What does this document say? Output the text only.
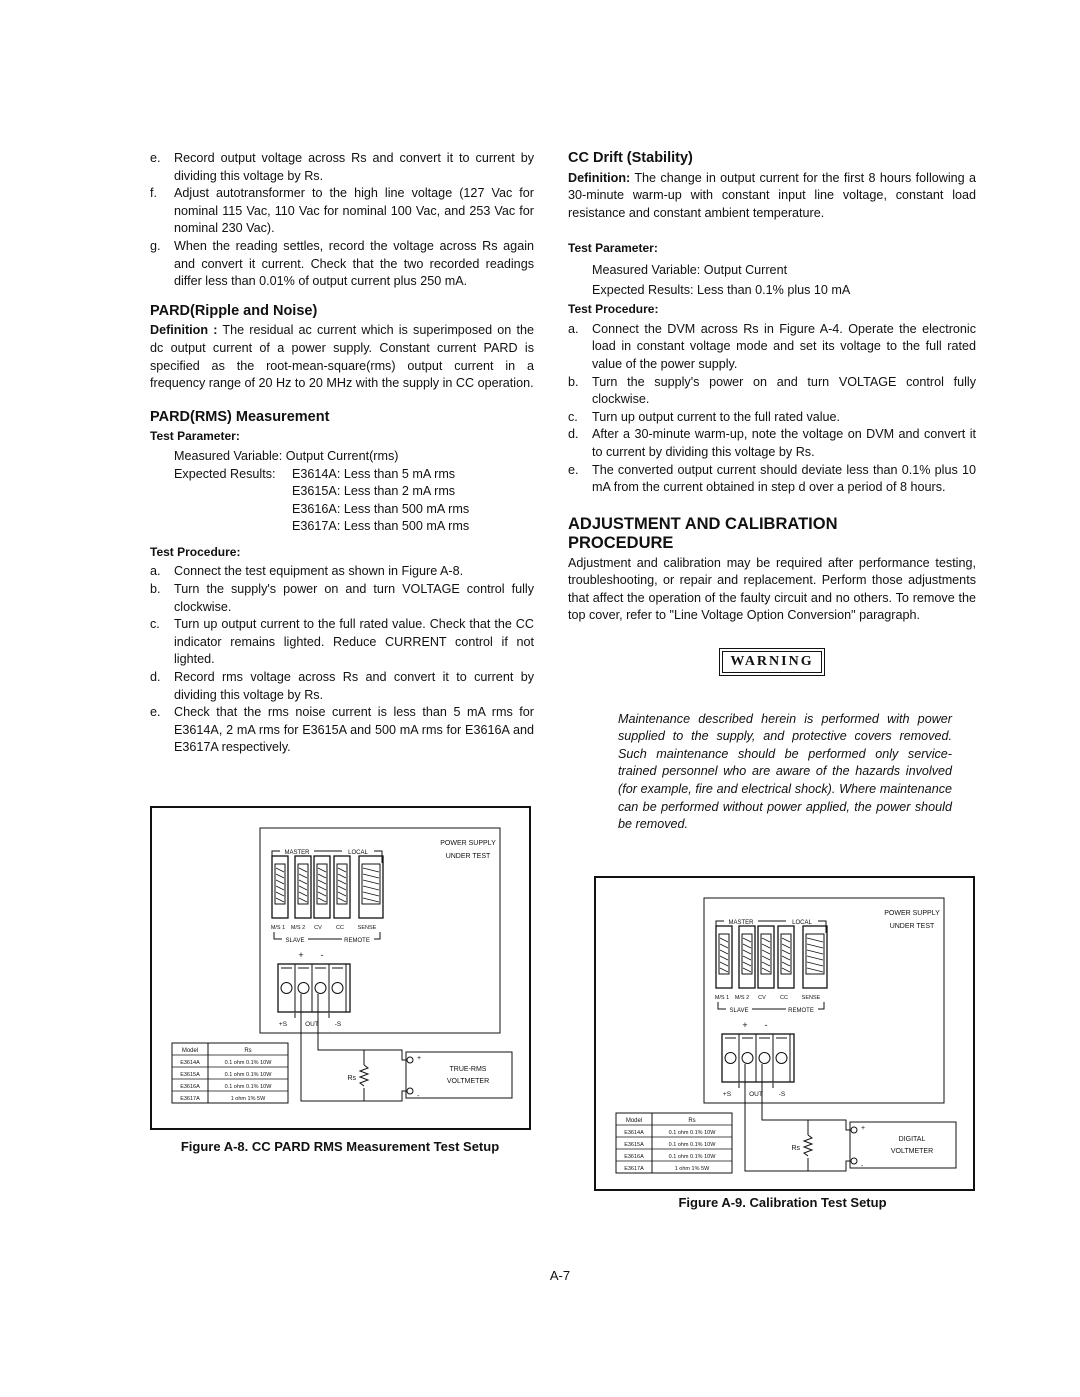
e. Record output voltage across Rs and convert it to current by dividing this voltage by Rs.

f. Adjust autotransformer to the high line voltage (127 Vac for nominal 115 Vac, 110 Vac for nominal 100 Vac, and 253 Vac for nominal 230 Vac).

g. When the reading settles, record the voltage across Rs again and convert it current. Check that the two recorded readings differ less than 0.01% of output current plus 250 mA.

PARD(Ripple and Noise)

Definition : The residual ac current which is superimposed on the dc output current of a power supply. Constant current PARD is specified as the root-mean-square(rms) output current in a frequency range of 20 Hz to 20 MHz with the supply in CC operation.

PARD(RMS) Measurement
Test Parameter:

Measured Variable: Output Current(rms)

Expected Results:	E3614A: Less than 5 mA rms
E3615A: Less than 2 mA rms
E3616A: Less than 500 mA rms
E3617A: Less than 500 mA rms
Test Procedure:

a. Connect the test equipment as shown in Figure A-8.

b. Turn the supply's power on and turn VOLTAGE control fully clockwise.

c. Turn up output current to the full rated value. Check that the CC indicator remains lighted. Reduce CURRENT control if not lighted.

d. Record rms voltage across Rs and convert it to current by dividing this voltage by Rs.

e. Check that the rms noise current is less than 5 mA rms for E3614A, 2 mA rms for E3615A and 500 mA rms for E3616A and E3617A respectively.

CC Drift (Stability)

Definition: The change in output current for the first 8 hours following a 30-minute warm-up with constant input line voltage, constant load resistance and constant ambient temperature.

Test Parameter:

Measured Variable: Output Current

Expected Results: Less than 0.1% plus 10 mA

Test Procedure:

a. Connect the DVM across Rs in Figure A-4. Operate the electronic load in constant voltage mode and set its voltage to the full rated value of the power supply.

b. Turn the supply's power on and turn VOLTAGE control fully clockwise.

c. Turn up output current to the full rated value.

d. After a 30-minute warm-up, note the voltage on DVM and convert it to current by dividing this voltage by Rs.

e. The converted output current should deviate less than 0.1% plus 10 mA from the current obtained in step d over a period of 8 hours.

ADJUSTMENT AND CALIBRATION
PROCEDURE

Adjustment and calibration may be required after performance testing, troubleshooting, or repair and replacement. Perform those adjustments that affect the operation of the faulty circuit and no others. To remove the top cover, refer to "Line Voltage Option Conversion" paragraph.

WARNING

Maintenance described herein is performed with power supplied to the supply, and protective covers removed. Such maintenance should be performed only service-trained personnel who are aware of the hazards involved (for example, fire and electrical shock). Where maintenance can be performed without power applied, the power should be removed.

POWER SUPPLY
UNDER TEST
MASTER	LOCAL
M/S 1 M/S 2 CV	CC SENSE
SLAVE	REMOTE
+ -
+S	OUT -S
Model	Rs
E3614A	0.1 ohm 0.1% 10W
E3615A	0.1 ohm 0.1% 10W
E3616A	0.1 ohm 0.1% 10W
E3617A	1 ohm 1% 5W
Rs
+
-
TRUE-RMS
VOLTMETER
Figure A-8. CC PARD RMS Measurement Test Setup
POWER SUPPLY
UNDER TEST
MASTER	LOCAL
M/S 1 M/S 2 CV	CC SENSE
SLAVE	REMOTE
+ -
+S	OUT -S
Model	Rs
E3614A	0.1 ohm 0.1% 10W
E3615A	0.1 ohm 0.1% 10W
E3616A	0.1 ohm 0.1% 10W
E3617A	1 ohm 1% 5W
Rs
+
-
DIGITAL
VOLTMETER
Figure A-9. Calibration Test Setup
A-7
